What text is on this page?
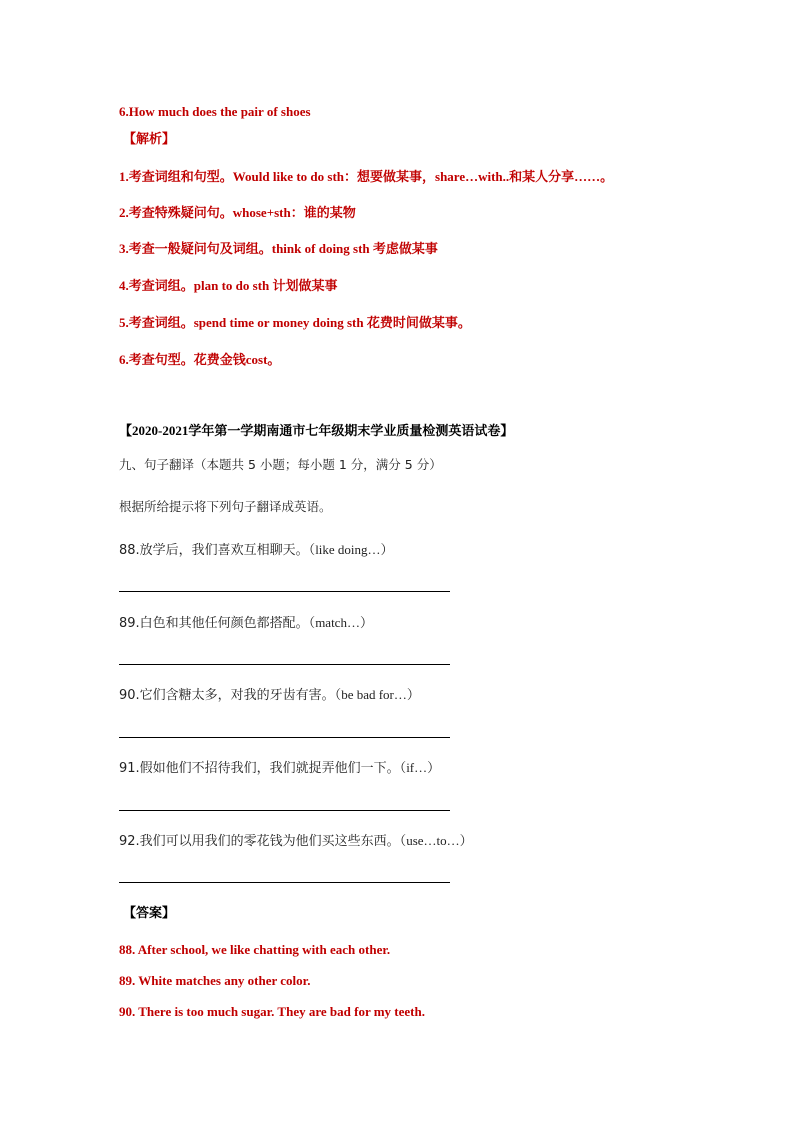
6.How much does the pair of shoes
【解析】
1.考查词组和句型。Would like to do sth：想要做某事，share…with..和某人分享……。
2.考查特殊疑问句。whose+sth：谁的某物
3.考查一般疑问句及词组。think of doing sth 考虑做某事
4.考查词组。plan to do sth 计划做某事
5.考查词组。spend time or money doing sth 花费时间做某事。
6.考查句型。花费金钱cost。
【2020-2021学年第一学期南通市七年级期末学业质量检测英语试卷】
九、句子翻译（本题共 5 小题；每小题 1 分，满分 5 分）
根据所给提示将下列句子翻译成英语。
88.放学后，我们喜欢互相聊天。（like doing…）
89.白色和其他任何颜色都搭配。（match…）
90.它们含糖太多，对我的牙齿有害。（be bad for…）
91.假如他们不招待我们，我们就捉弄他们一下。（if…）
92.我们可以用我们的零花钱为他们买这些东西。（use…to…）
【答案】
88. After school, we like chatting with each other.
89. White matches any other color.
90. There is too much sugar. They are bad for my teeth.
